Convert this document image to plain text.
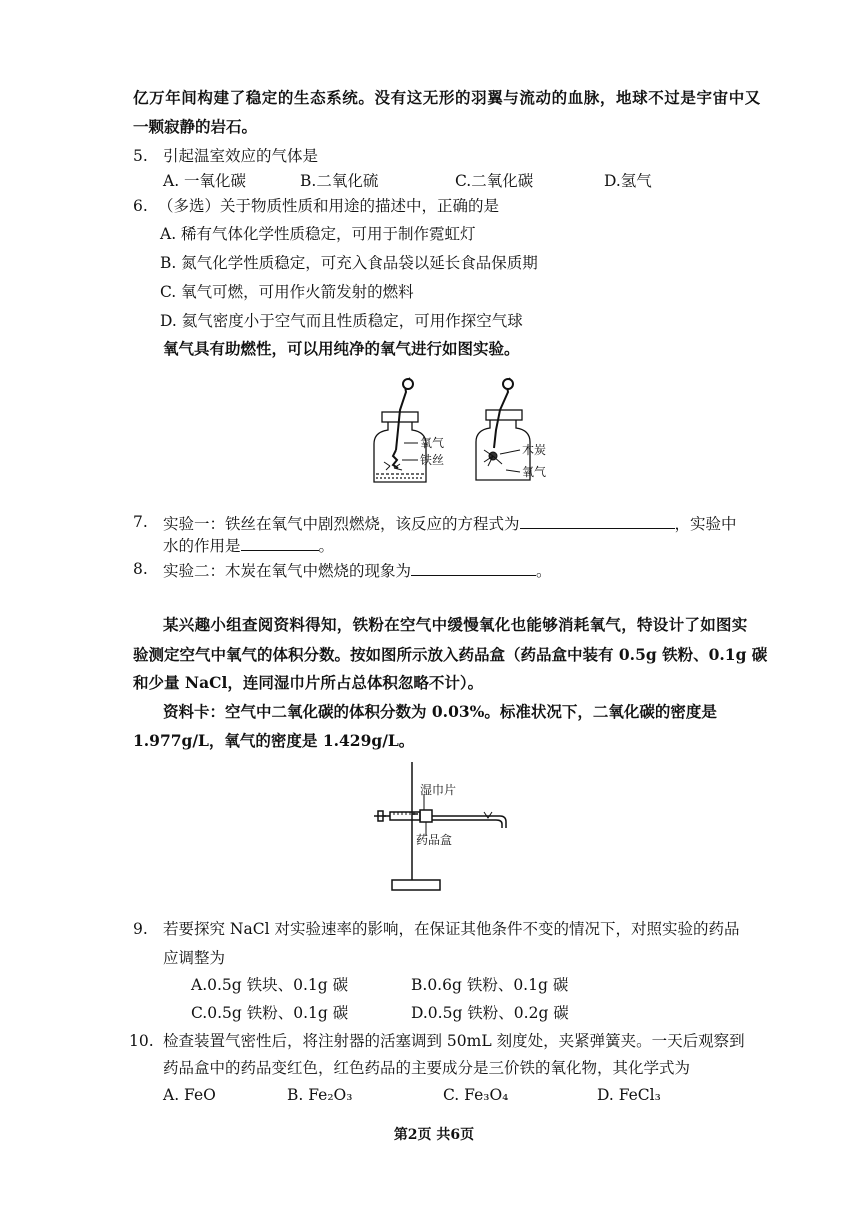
亿万年间构建了稳定的生态系统。没有这无形的羽翼与流动的血脉，地球不过是宇宙中又
一颗寂静的岩石。
5. 引起温室效应的气体是
A. 一氧化碳	B.二氧化硫	C.二氧化碳	D.氢气
6. （多选）关于物质性质和用途的描述中，正确的是
A. 稀有气体化学性质稳定，可用于制作霓虹灯
B. 氮气化学性质稳定，可充入食品袋以延长食品保质期
C. 氧气可燃，可用作火箭发射的燃料
D. 氦气密度小于空气而且性质稳定，可用作探空气球
氧气具有助燃性，可以用纯净的氧气进行如图实验。
氧气
铁丝
木炭
氧气
7. 实验一：铁丝在氧气中剧烈燃烧，该反应的方程式为	，实验中
水的作用是	。
8. 实验二：木炭在氧气中燃烧的现象为	。
某兴趣小组查阅资料得知，铁粉在空气中缓慢氧化也能够消耗氧气，特设计了如图实
验测定空气中氧气的体积分数。按如图所示放入药品盒（药品盒中装有 0.5g 铁粉、0.1g 碳
和少量 NaCl，连同湿巾片所占总体积忽略不计）。
资料卡：空气中二氧化碳的体积分数为 0.03%。标准状况下，二氧化碳的密度是
1.977g/L，氧气的密度是 1.429g/L。
湿巾片
药品盒
9. 若要探究 NaCl 对实验速率的影响，在保证其他条件不变的情况下，对照实验的药品
应调整为
A.0.5g 铁块、0.1g 碳	B.0.6g 铁粉、0.1g 碳
C.0.5g 铁粉、0.1g 碳	D.0.5g 铁粉、0.2g 碳
10. 检查装置气密性后，将注射器的活塞调到 50mL 刻度处，夹紧弹簧夹。一天后观察到
药品盒中的药品变红色，红色药品的主要成分是三价铁的氧化物，其化学式为
A. FeO	B. Fe₂O₃	C. Fe₃O₄	D. FeCl₃
第2页 共6页
